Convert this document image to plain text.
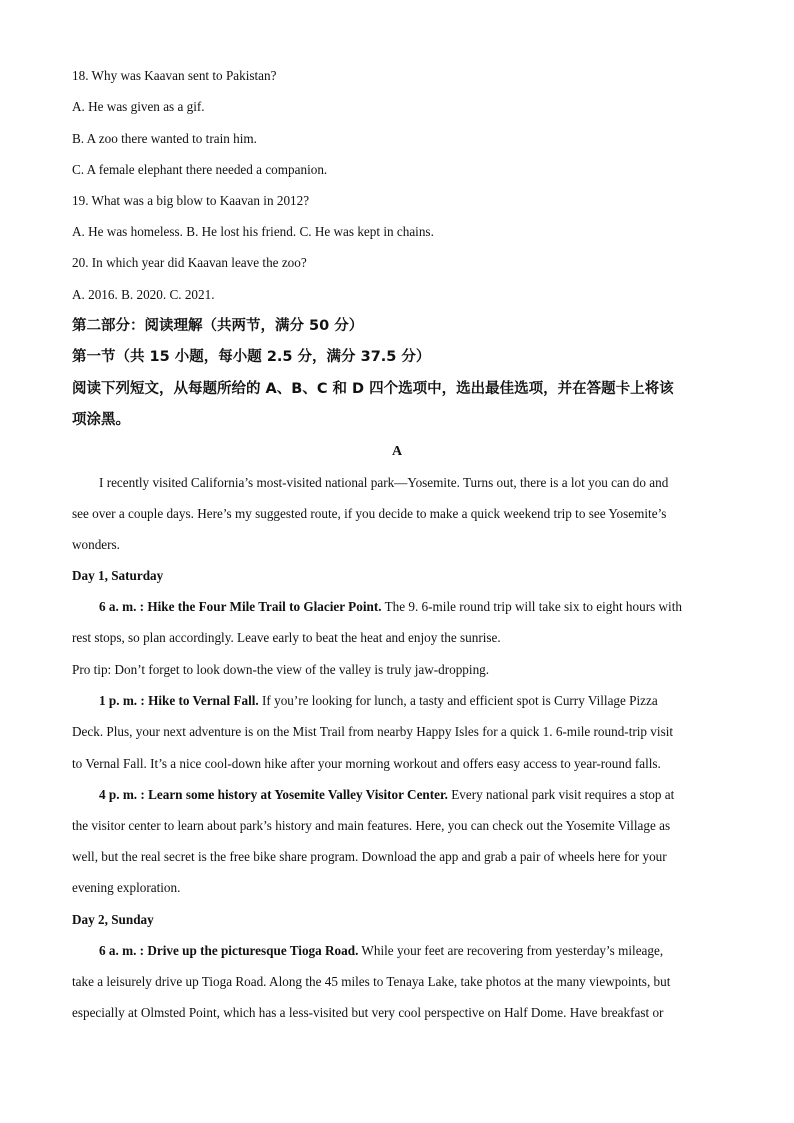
18. Why was Kaavan sent to Pakistan?
A. He was given as a gif.
B. A zoo there wanted to train him.
C. A female elephant there needed a companion.
19. What was a big blow to Kaavan in 2012?
A. He was homeless. B. He lost his friend. C. He was kept in chains.
20. In which year did Kaavan leave the zoo?
A. 2016. B. 2020. C. 2021.
第二部分：阅读理解（共两节，满分 50 分）
第一节（共 15 小题，每小题 2.5 分，满分 37.5 分）
阅读下列短文，从每题所给的 A、B、C 和 D 四个选项中，选出最佳选项，并在答题卡上将该
项涂黑。
A
I recently visited California’s most-visited national park—Yosemite. Turns out, there is a lot you can do and
see over a couple days. Here’s my suggested route, if you decide to make a quick weekend trip to see Yosemite’s
wonders.
Day 1, Saturday
6 a. m. : Hike the Four Mile Trail to Glacier Point. The 9. 6-mile round trip will take six to eight hours with
rest stops, so plan accordingly. Leave early to beat the heat and enjoy the sunrise.
Pro tip: Don’t forget to look down-the view of the valley is truly jaw-dropping.
1 p. m. : Hike to Vernal Fall. If you’re looking for lunch, a tasty and efficient spot is Curry Village Pizza
Deck. Plus, your next adventure is on the Mist Trail from nearby Happy Isles for a quick 1. 6-mile round-trip visit
to Vernal Fall. It’s a nice cool-down hike after your morning workout and offers easy access to year-round falls.
4 p. m. : Learn some history at Yosemite Valley Visitor Center. Every national park visit requires a stop at
the visitor center to learn about park’s history and main features. Here, you can check out the Yosemite Village as
well, but the real secret is the free bike share program. Download the app and grab a pair of wheels here for your
evening exploration.
Day 2, Sunday
6 a. m. : Drive up the picturesque Tioga Road. While your feet are recovering from yesterday’s mileage,
take a leisurely drive up Tioga Road. Along the 45 miles to Tenaya Lake, take photos at the many viewpoints, but
especially at Olmsted Point, which has a less-visited but very cool perspective on Half Dome. Have breakfast or
